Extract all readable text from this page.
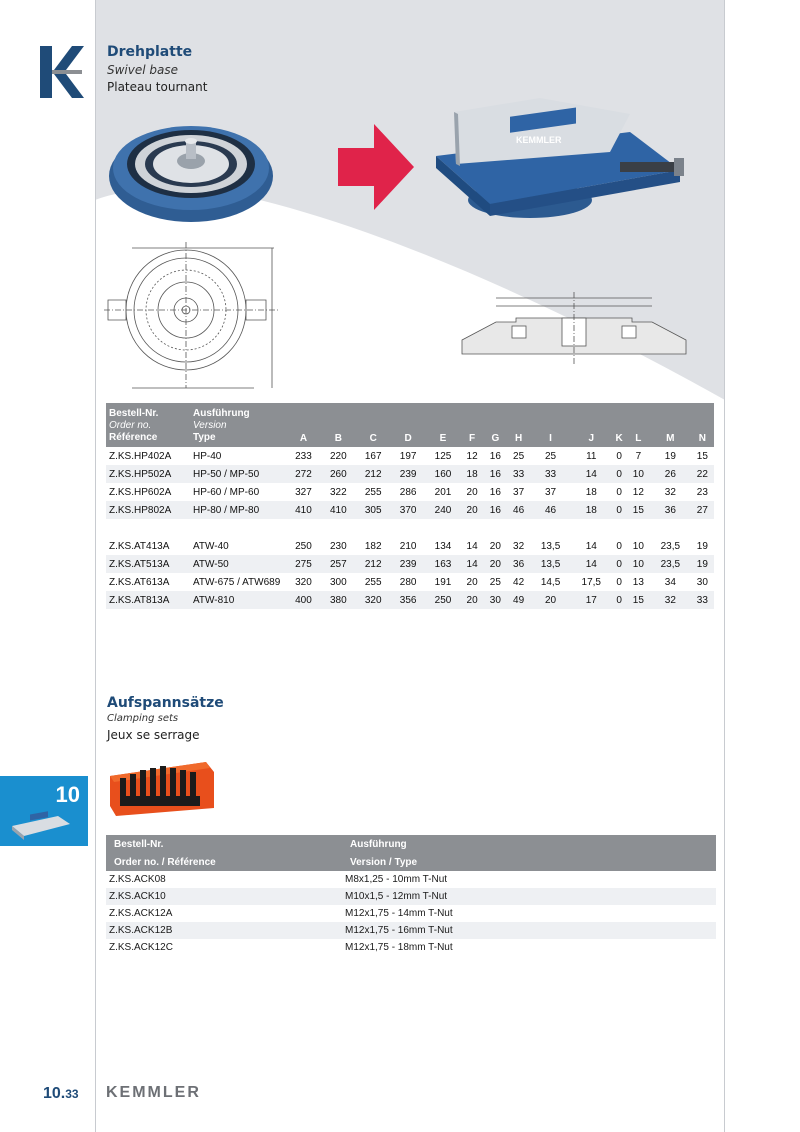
Drehplatte
Swivel base
Plateau tournant
KEMMLER
Bestell-Nr.
Order no.
Référence	Ausführung
Version
Type	A	B	C	D	E	F	G	H	I	J	K	L	M	N
Z.KS.HP402A	HP-40	233	220	167	197	125	12	16	25	25	11	0	7	19	15
Z.KS.HP502A	HP-50 / MP-50	272	260	212	239	160	18	16	33	33	14	0	10	26	22
Z.KS.HP602A	HP-60 / MP-60	327	322	255	286	201	20	16	37	37	18	0	12	32	23
Z.KS.HP802A	HP-80 / MP-80	410	410	305	370	240	20	16	46	46	18	0	15	36	27

Z.KS.AT413A	ATW-40	250	230	182	210	134	14	20	32	13,5	14	0	10	23,5	19
Z.KS.AT513A	ATW-50	275	257	212	239	163	14	20	36	13,5	14	0	10	23,5	19
Z.KS.AT613A	ATW-675 / ATW689	320	300	255	280	191	20	25	42	14,5	17,5	0	13	34	30
Z.KS.AT813A	ATW-810	400	380	320	356	250	20	30	49	20	17	0	15	32	33
Aufspannsätze
Clamping sets
Jeux se serrage
10
Bestell-Nr.	Ausführung
Order no. / Référence	Version / Type
Z.KS.ACK08	M8x1,25 - 10mm T-Nut
Z.KS.ACK10	M10x1,5 - 12mm T-Nut
Z.KS.ACK12A	M12x1,75 - 14mm T-Nut
Z.KS.ACK12B	M12x1,75 - 16mm T-Nut
Z.KS.ACK12C	M12x1,75 - 18mm T-Nut
10.33 KEMMLER
